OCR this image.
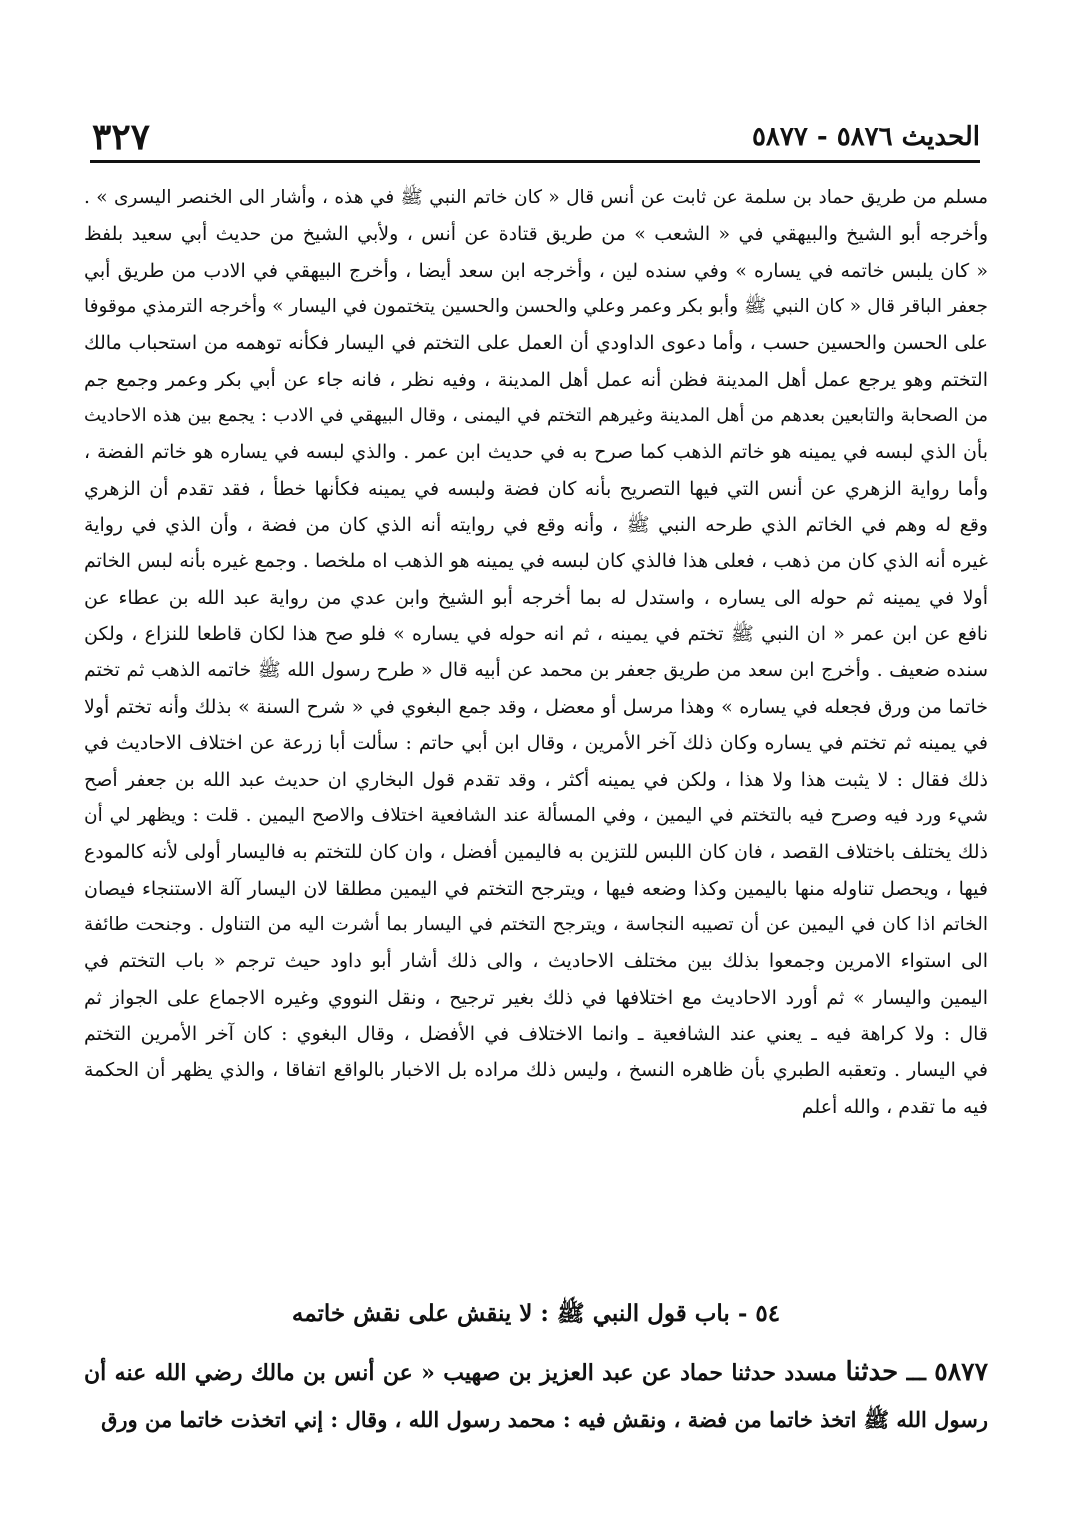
الحديث ٥٨٧٦ - ٥٨٧٧
٣٢٧
مسلم من طريق حماد بن سلمة عن ثابت عن أنس قال « كان خاتم النبي ﷺ في هذه ، وأشار الى الخنصر اليسرى » .
وأخرجه أبو الشيخ والبيهقي في « الشعب » من طريق قتادة عن أنس ، ولأبي الشيخ من حديث أبي سعيد بلفظ
« كان يلبس خاتمه في يساره » وفي سنده لين ، وأخرجه ابن سعد أيضا ، وأخرج البيهقي في الادب من طريق أبي
جعفر الباقر قال « كان النبي ﷺ وأبو بكر وعمر وعلي والحسن والحسين يتختمون في اليسار » وأخرجه الترمذي موقوفا
على الحسن والحسين حسب ، وأما دعوى الداودي أن العمل على التختم في اليسار فكأنه توهمه من استحباب مالك
التختم وهو يرجع عمل أهل المدينة فظن أنه عمل أهل المدينة ، وفيه نظر ، فانه جاء عن أبي بكر وعمر وجمع جم
من الصحابة والتابعين بعدهم من أهل المدينة وغيرهم التختم في اليمنى ، وقال البيهقي في الادب : يجمع بين هذه الاحاديث
بأن الذي لبسه في يمينه هو خاتم الذهب كما صرح به في حديث ابن عمر . والذي لبسه في يساره هو خاتم الفضة ،
وأما رواية الزهري عن أنس التي فيها التصريح بأنه كان فضة ولبسه في يمينه فكأنها خطأ ، فقد تقدم أن الزهري
وقع له وهم في الخاتم الذي طرحه النبي ﷺ ، وأنه وقع في روايته أنه الذي كان من فضة ، وأن الذي في رواية
غيره أنه الذي كان من ذهب ، فعلى هذا فالذي كان لبسه في يمينه هو الذهب اه ملخصا . وجمع غيره بأنه لبس الخاتم
أولا في يمينه ثم حوله الى يساره ، واستدل له بما أخرجه أبو الشيخ وابن عدي من رواية عبد الله بن عطاء عن
نافع عن ابن عمر « ان النبي ﷺ تختم في يمينه ، ثم انه حوله في يساره » فلو صح هذا لكان قاطعا للنزاع ، ولكن
سنده ضعيف . وأخرج ابن سعد من طريق جعفر بن محمد عن أبيه قال « طرح رسول الله ﷺ خاتمه الذهب ثم تختم
خاتما من ورق فجعله في يساره » وهذا مرسل أو معضل ، وقد جمع البغوي في « شرح السنة » بذلك وأنه تختم أولا
في يمينه ثم تختم في يساره وكان ذلك آخر الأمرين ، وقال ابن أبي حاتم : سألت أبا زرعة عن اختلاف الاحاديث في
ذلك فقال : لا يثبت هذا ولا هذا ، ولكن في يمينه أكثر ، وقد تقدم قول البخاري ان حديث عبد الله بن جعفر أصح
شيء ورد فيه وصرح فيه بالتختم في اليمين ، وفي المسألة عند الشافعية اختلاف والاصح اليمين . قلت : ويظهر لي أن
ذلك يختلف باختلاف القصد ، فان كان اللبس للتزين به فاليمين أفضل ، وان كان للتختم به فاليسار أولى لأنه كالمودع
فيها ، ويحصل تناوله منها باليمين وكذا وضعه فيها ، ويترجح التختم في اليمين مطلقا لان اليسار آلة الاستنجاء فيصان
الخاتم اذا كان في اليمين عن أن تصيبه النجاسة ، ويترجح التختم في اليسار بما أشرت اليه من التناول . وجنحت طائفة
الى استواء الامرين وجمعوا بذلك بين مختلف الاحاديث ، والى ذلك أشار أبو داود حيث ترجم « باب التختم في
اليمين واليسار » ثم أورد الاحاديث مع اختلافها في ذلك بغير ترجيح ، ونقل النووي وغيره الاجماع على الجواز ثم
قال : ولا كراهة فيه ـ يعني عند الشافعية ـ وانما الاختلاف في الأفضل ، وقال البغوي : كان آخر الأمرين التختم
في اليسار . وتعقبه الطبري بأن ظاهره النسخ ، وليس ذلك مراده بل الاخبار بالواقع اتفاقا ، والذي يظهر أن الحكمة
فيه ما تقدم ، والله أعلم
٥٤ - باب قول النبي ﷺ : لا ينقش على نقش خاتمه
٥٨٧٧ ـــ حدثنا مسدد حدثنا حماد عن عبد العزيز بن صهيب « عن أنس بن مالك رضي الله عنه أن
رسول الله ﷺ اتخذ خاتما من فضة ، ونقش فيه : محمد رسول الله ، وقال : إني اتخذت خاتما من ورق
